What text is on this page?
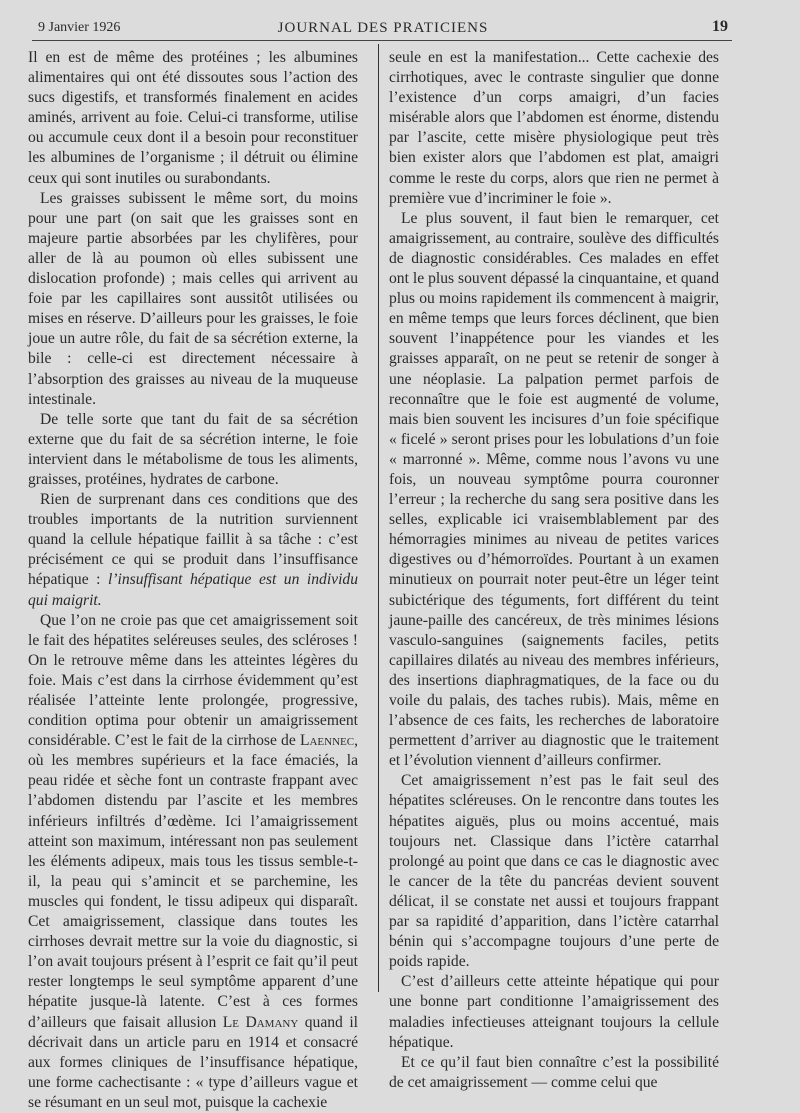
9 Janvier 1926	JOURNAL DES PRATICIENS	19

Il en est de même des protéines ; les albumines alimentaires qui ont été dissoutes sous l’action des sucs digestifs, et transformés finalement en acides aminés, arrivent au foie. Celui-ci transforme, utilise ou accumule ceux dont il a besoin pour reconstituer les albumines de l’organisme ; il détruit ou élimine ceux qui sont inutiles ou surabondants.

Les graisses subissent le même sort, du moins pour une part (on sait que les graisses sont en majeure partie absorbées par les chylifères, pour aller de là au poumon où elles subissent une dislocation profonde) ; mais celles qui arrivent au foie par les capillaires sont aussitôt utilisées ou mises en réserve. D’ailleurs pour les graisses, le foie joue un autre rôle, du fait de sa sécrétion externe, la bile : celle-ci est directement nécessaire à l’absorption des graisses au niveau de la muqueuse intestinale.

De telle sorte que tant du fait de sa sécrétion externe que du fait de sa sécrétion interne, le foie intervient dans le métabolisme de tous les aliments, graisses, protéines, hydrates de carbone.

Rien de surprenant dans ces conditions que des troubles importants de la nutrition surviennent quand la cellule hépatique faillit à sa tâche : c’est précisément ce qui se produit dans l’insuffisance hépatique : l’insuffisant hépatique est un individu qui maigrit.

Que l’on ne croie pas que cet amaigrissement soit le fait des hépatites seléreuses seules, des scléroses ! On le retrouve même dans les atteintes légères du foie. Mais c’est dans la cirrhose évidemment qu’est réalisée l’atteinte lente prolongée, progressive, condition optima pour obtenir un amaigrissement considérable. C’est le fait de la cirrhose de Laennec, où les membres supérieurs et la face émaciés, la peau ridée et sèche font un contraste frappant avec l’abdomen distendu par l’ascite et les membres inférieurs infiltrés d’œdème. Ici l’amaigrissement atteint son maximum, intéressant non pas seulement les éléments adipeux, mais tous les tissus semble-t-il, la peau qui s’amincit et se parchemine, les muscles qui fondent, le tissu adipeux qui disparaît. Cet amaigrissement, classique dans toutes les cirrhoses devrait mettre sur la voie du diagnostic, si l’on avait toujours présent à l’esprit ce fait qu’il peut rester longtemps le seul symptôme apparent d’une hépatite jusque-là latente. C’est à ces formes d’ailleurs que faisait allusion Le Damany quand il décrivait dans un article paru en 1914 et consacré aux formes cliniques de l’insuffisance hépatique, une forme cachectisante : « type d’ailleurs vague et se résumant en un seul mot, puisque la cachexie

seule en est la manifestation... Cette cachexie des cirrhotiques, avec le contraste singulier que donne l’existence d’un corps amaigri, d’un facies misérable alors que l’abdomen est énorme, distendu par l’ascite, cette misère physiologique peut très bien exister alors que l’abdomen est plat, amaigri comme le reste du corps, alors que rien ne permet à première vue d’incriminer le foie ».

Le plus souvent, il faut bien le remarquer, cet amaigrissement, au contraire, soulève des difficultés de diagnostic considérables. Ces malades en effet ont le plus souvent dépassé la cinquantaine, et quand plus ou moins rapidement ils commencent à maigrir, en même temps que leurs forces déclinent, que bien souvent l’inappétence pour les viandes et les graisses apparaît, on ne peut se retenir de songer à une néoplasie. La palpation permet parfois de reconnaître que le foie est augmenté de volume, mais bien souvent les incisures d’un foie spécifique « ficelé » seront prises pour les lobulations d’un foie « marronné ». Même, comme nous l’avons vu une fois, un nouveau symptôme pourra couronner l’erreur ; la recherche du sang sera positive dans les selles, explicable ici vraisemblablement par des hémorragies minimes au niveau de petites varices digestives ou d’hémorroïdes. Pourtant à un examen minutieux on pourrait noter peut-être un léger teint subictérique des téguments, fort différent du teint jaune-paille des cancéreux, de très minimes lésions vasculo-sanguines (saignements faciles, petits capillaires dilatés au niveau des membres inférieurs, des insertions diaphragmatiques, de la face ou du voile du palais, des taches rubis). Mais, même en l’absence de ces faits, les recherches de laboratoire permettent d’arriver au diagnostic que le traitement et l’évolution viennent d’ailleurs confirmer.

Cet amaigrissement n’est pas le fait seul des hépatites scléreuses. On le rencontre dans toutes les hépatites aiguës, plus ou moins accentué, mais toujours net. Classique dans l’ictère catarrhal prolongé au point que dans ce cas le diagnostic avec le cancer de la tête du pancréas devient souvent délicat, il se constate net aussi et toujours frappant par sa rapidité d’apparition, dans l’ictère catarrhal bénin qui s’accompagne toujours d’une perte de poids rapide.

C’est d’ailleurs cette atteinte hépatique qui pour une bonne part conditionne l’amaigrissement des maladies infectieuses atteignant toujours la cellule hépatique.

Et ce qu’il faut bien connaître c’est la possibilité de cet amaigrissement — comme celui que
